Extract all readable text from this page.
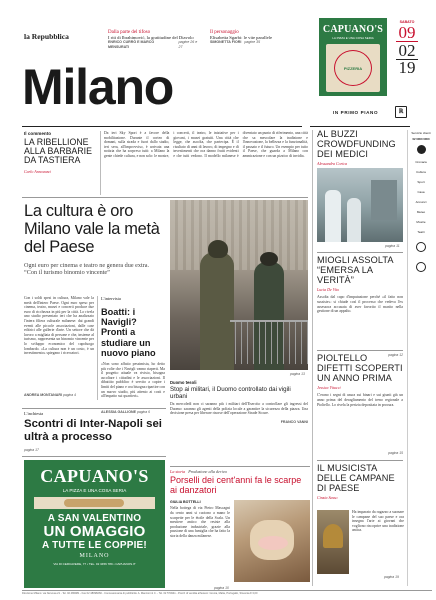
la Repubblica	Dalla parte del tifoso
I riti di Ibrahimović, la gratitudine del Diavolo
ENRICO CURRÒ E MARCO MENSURATI
pagine 26 e 27
Il personaggio
Elisabetta Sgarbi: le vite parallele
SIMONETTA FIORI pagine 35
Milano
CAPUANO'S
LA PIZZA E UNA COSA SERIA
PIZZERIA
SABATO
09
02
19
IN PRIMO PIANO	ℝ
Il commento
LA RIBELLIONE ALLA BARBARIE DA TASTIERA
Carlo Annovazzi
Da ieri Sky Sport è a favore della mobilitazione. Durante il corteo di domani, sulla strada e fuori dallo stadio, ieri sera, all'improvviso, è arrivata una notizia che ha sorpreso tutti: a Milano la gente chiede cultura, e non solo: le mostre, i concerti, il teatro, le iniziative per i giovani, i musei gratuiti. Una città che legge, che ascolta, che partecipa. È il risultato di anni di lavoro, di impegno e di investimenti che ora danno frutti evidenti e che tutti vedono. Il modello milanese è diventato un punto di riferimento, una città che sa mescolare la tradizione e l'innovazione, la bellezza e la funzionalità, il passato e il futuro. Un esempio per tutto il Paese, che guarda a Milano con ammirazione e con un pizzico di invidia.
La cultura è oro Milano vale la metà del Paese
Ogni euro per cinema e teatro ne genera due extra. “Con il turismo binomio vincente”
Con i soldi spesi in cultura, Milano vale la metà dell'intero Paese. Ogni euro speso per cinema, teatro, musei e concerti produce due euro di ricchezza in più per la città. Lo rivela uno studio presentato ieri che ha analizzato l'intera filiera culturale milanese: dai grandi eventi alle piccole associazioni, dalle case editrici alle gallerie d'arte. Un settore che dà lavoro a migliaia di persone e che, insieme al turismo, rappresenta un binomio vincente per lo sviluppo economico del capoluogo lombardo. «La cultura non è un costo, è un investimento» spiegano i ricercatori.
ANDREA MONTANARI pagina 4
L'intervista
Boatti: i Navigli? Pronti a studiare un nuovo piano
«Non sono affatto pessimista, ho detto più volte che i Navigli vanno riaperti. Ma il progetto attuale va rivisto, bisogna ascoltare i cittadini e le associazioni. Il dibattito pubblico è servito a capire i limiti del piano e ora bisogna ripartire con un nuovo studio, più attento ai costi e all'impatto sui quartieri».
ALESSIA GALLIONE pagina 6
L'inchiesta
Scontri di Inter-Napoli sei ultrà a processo
pagina 17
CAPUANO'S
LA PIZZA E UNA COSA SERIA
A SAN VALENTINO
UN OMAGGIO
A TUTTE LE COPPIE!
MILANO
VIA DI CERCAVERE, 77 • TEL. 02 3456 789 • CAPUANOS.IT
pagina 13
Duomo tesoli
Stop ai militari, il Duomo controllato dai vigili urbani
Da mercoledì non ci saranno più i militari dell'Esercito a controllare gli ingressi del Duomo: saranno gli agenti della polizia locale a garantire la sicurezza della piazza. Una decisione presa per liberare risorse dell'operazione Strade Sicure.
FRANCO VANNI
La storia Produzione alla deriva
Porselli dei cent'anni fa le scarpe ai danzatori
GIULIA BOTTELLI
Nella bottega di via Pietro Mascagni da cento anni si cuciono a mano le scarpette per le étoile della Scala. Un mestiere antico che resiste alla produzione industriale, grazie alla passione di una famiglia che ha fatto la storia della danza milanese.
pagina 10
AL BUZZI CROWDFUNDING DEI MEDICI
Alessandra Corica
pagina 11
MIOGLI ASSOLTA “EMERSA LA VERITÀ”
Lucia De Vito
Assolta dal capo d'imputazione perché «il fatto non sussiste»: si chiude così il processo che vedeva l'ex assessora accusata di aver favorito il marito nella gestione di un appalto.
pagina 12
PIOLTELLO DIFETTI SCOPERTI UN ANNO PRIMA
Jessica Vitucci
C'erano i segni di usura sui binari e sui giunti già un anno prima del deragliamento del treno regionale a Pioltello. Lo rivela la perizia depositata in procura.
pagina 15
IL MUSICISTA DELLE CAMPANE DI PAESE
Cinzia Sasso
Ha imparato da ragazzo a suonare le campane del suo paese e ora insegna l'arte ai giovani che vogliono riscoprire una tradizione antica.
pagina 19
Servizio clienti
02 0000 0000
Cronaca
Cultura
Sport
Casa
Annunci
Meteo
Mostre
Teatri
Direzione Milano: via Nervesa 21 - Tel. 02 480981 - Fax 02 48098260 - Concessionaria di pubblicità: A. Manzoni & C. - Tel. 02 574941 - Prezzi di vendita all'estero: Grecia, Malta, Portogallo, Slovenia € 3,00
